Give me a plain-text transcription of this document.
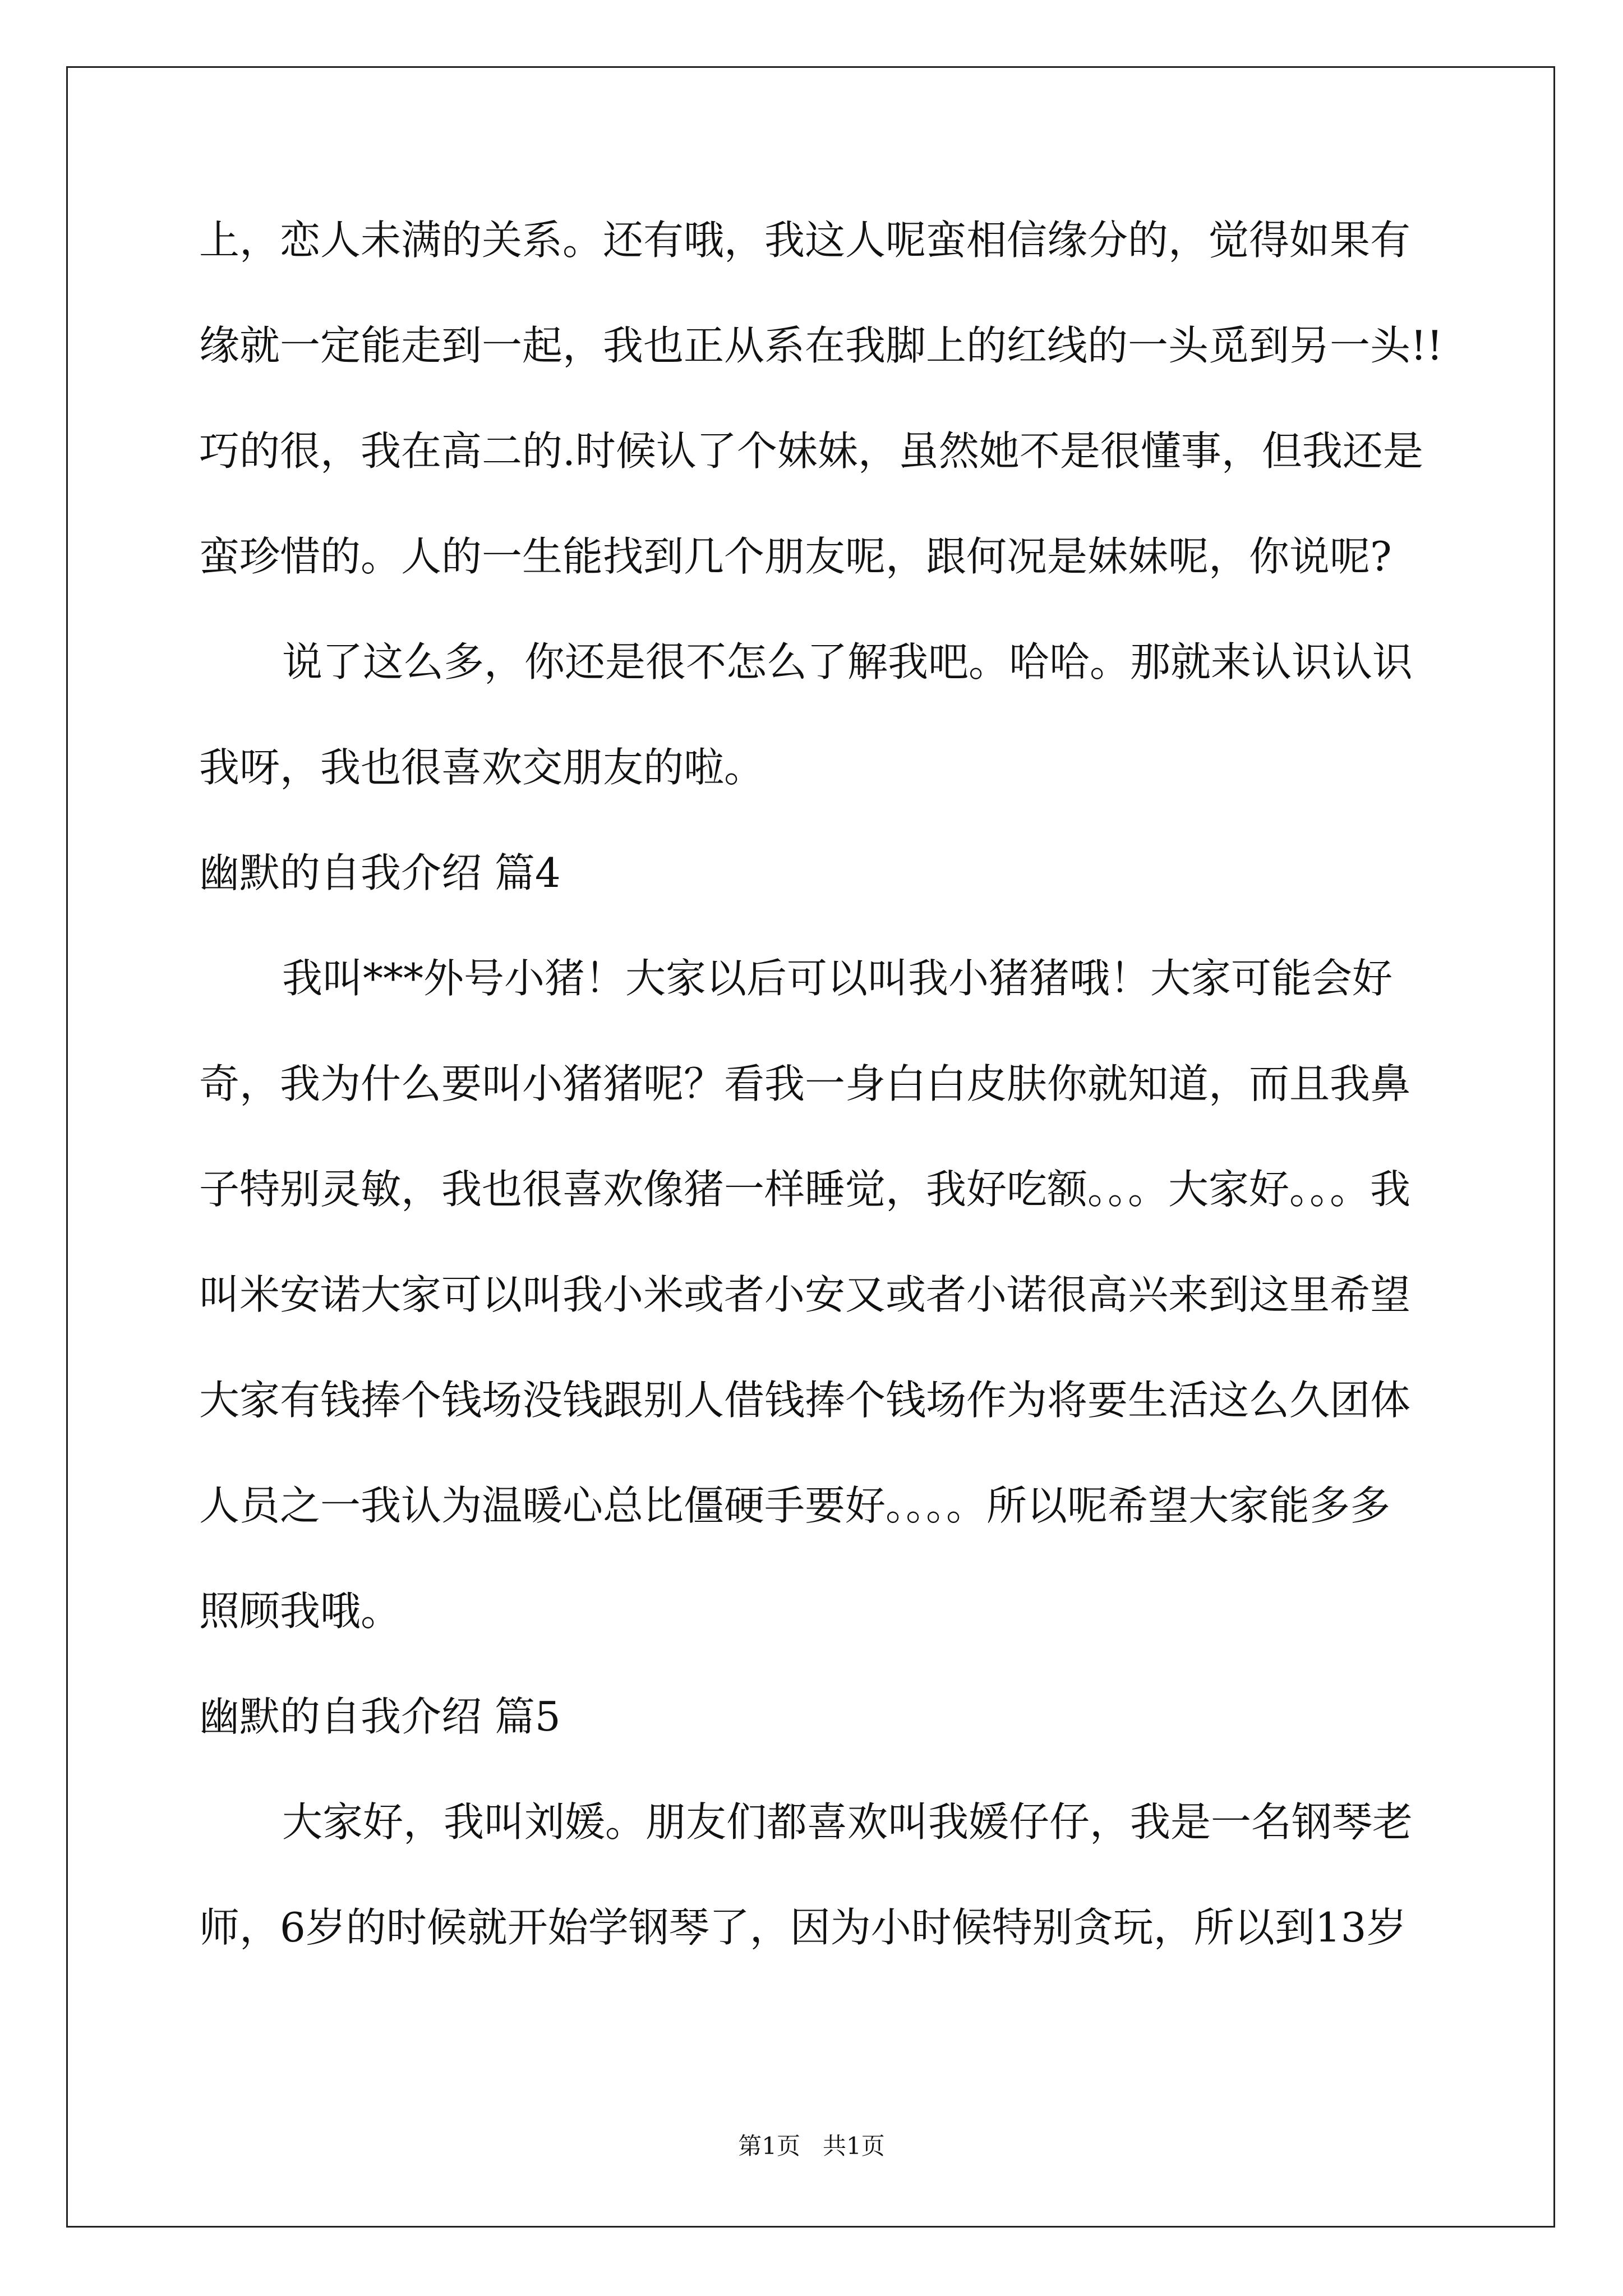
上，恋人未满的关系。还有哦，我这人呢蛮相信缘分的，觉得如果有
缘就一定能走到一起，我也正从系在我脚上的红线的一头觅到另一头!!
巧的很，我在高二的.时候认了个妹妹，虽然她不是很懂事，但我还是
蛮珍惜的。人的一生能找到几个朋友呢，跟何况是妹妹呢，你说呢?
说了这么多，你还是很不怎么了解我吧。哈哈。那就来认识认识
我呀，我也很喜欢交朋友的啦。
幽默的自我介绍 篇4
我叫***外号小猪！大家以后可以叫我小猪猪哦！大家可能会好
奇，我为什么要叫小猪猪呢？看我一身白白皮肤你就知道，而且我鼻
子特别灵敏，我也很喜欢像猪一样睡觉，我好吃额。。。大家好。。。我
叫米安诺大家可以叫我小米或者小安又或者小诺很高兴来到这里希望
大家有钱捧个钱场没钱跟别人借钱捧个钱场作为将要生活这么久团体
人员之一我认为温暖心总比僵硬手要好。。。。所以呢希望大家能多多
照顾我哦。
幽默的自我介绍 篇5
大家好，我叫刘媛。朋友们都喜欢叫我媛仔仔，我是一名钢琴老
师，6岁的时候就开始学钢琴了，因为小时候特别贪玩，所以到13岁
第1页   共1页
